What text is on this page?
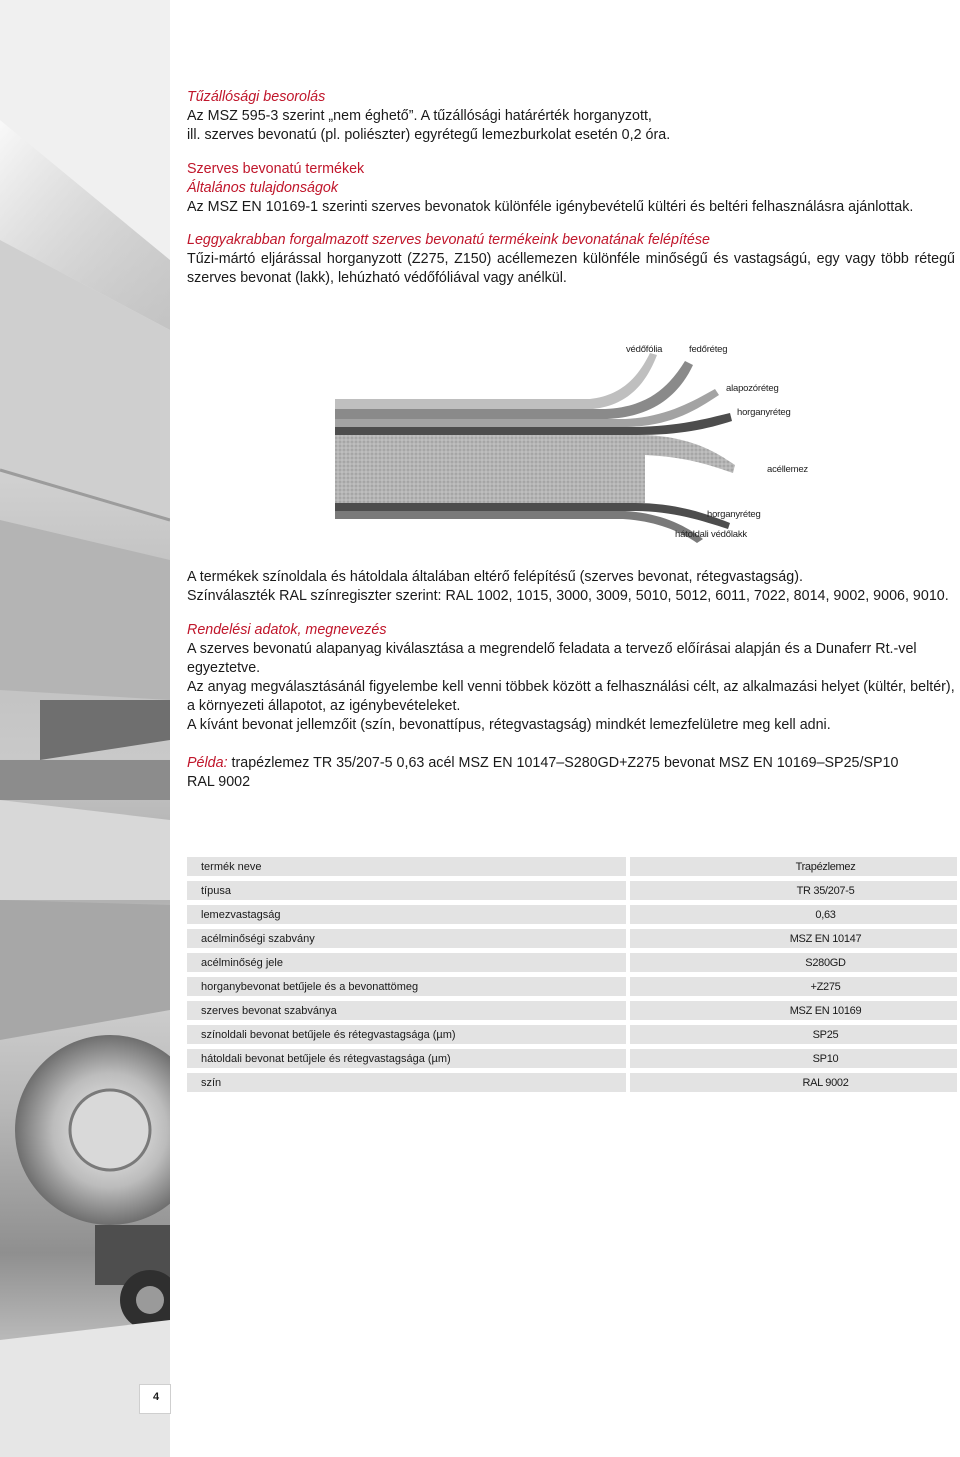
4

Tűzállósági besorolás

Az MSZ 595-3 szerint „nem éghető”. A tűzállósági határérték horganyzott,

ill. szerves bevonatú (pl. poliészter) egyrétegű lemezburkolat esetén 0,2 óra.

Szerves bevonatú termékek

Általános tulajdonságok

Az MSZ EN 10169-1 szerinti szerves bevonatok különféle igénybevételű kültéri és beltéri felhasználásra ajánlottak.

Leggyakrabban forgalmazott szerves bevonatú termékeink bevonatának felépítése

Tűzi-mártó eljárással horganyzott (Z275, Z150) acéllemezen különféle minőségű és vastagságú, egy vagy több rétegű szerves bevonat (lakk), lehúzható védőfóliával vagy anélkül.

védőfólia	fedőréteg
alapozóréteg
horganyréteg
acéllemez
horganyréteg
hátoldali védőlakk

A termékek színoldala és hátoldala általában eltérő felépítésű (szerves bevonat, rétegvastagság).

Színválaszték RAL színregiszter szerint: RAL 1002, 1015, 3000, 3009, 5010, 5012, 6011, 7022, 8014, 9002, 9006, 9010.

Rendelési adatok, megnevezés

A szerves bevonatú alapanyag kiválasztása a megrendelő feladata a tervező előírásai alapján és a Dunaferr Rt.-vel egyeztetve.

Az anyag megválasztásánál figyelembe kell venni többek között a felhasználási célt, az alkalmazási helyet (kültér, beltér), a környezeti állapotot, az igénybevételeket.

A kívánt bevonat jellemzőit (szín, bevonattípus, rétegvastagság) mindkét lemezfelületre meg kell adni.

Példa: trapézlemez TR 35/207-5 0,63 acél MSZ EN 10147–S280GD+Z275 bevonat MSZ EN 10169–SP25/SP10

RAL 9002

termék neve		Trapézlemez
típusa		TR 35/207-5
lemezvastagság		0,63
acélminőségi szabvány		MSZ EN 10147
acélminőség jele		S280GD
horganybevonat betűjele és a bevonattömeg		+Z275
szerves bevonat szabványa		MSZ EN 10169
színoldali bevonat betűjele és rétegvastagsága (µm)		SP25
hátoldali bevonat betűjele és rétegvastagsága (µm)		SP10
szín		RAL 9002
